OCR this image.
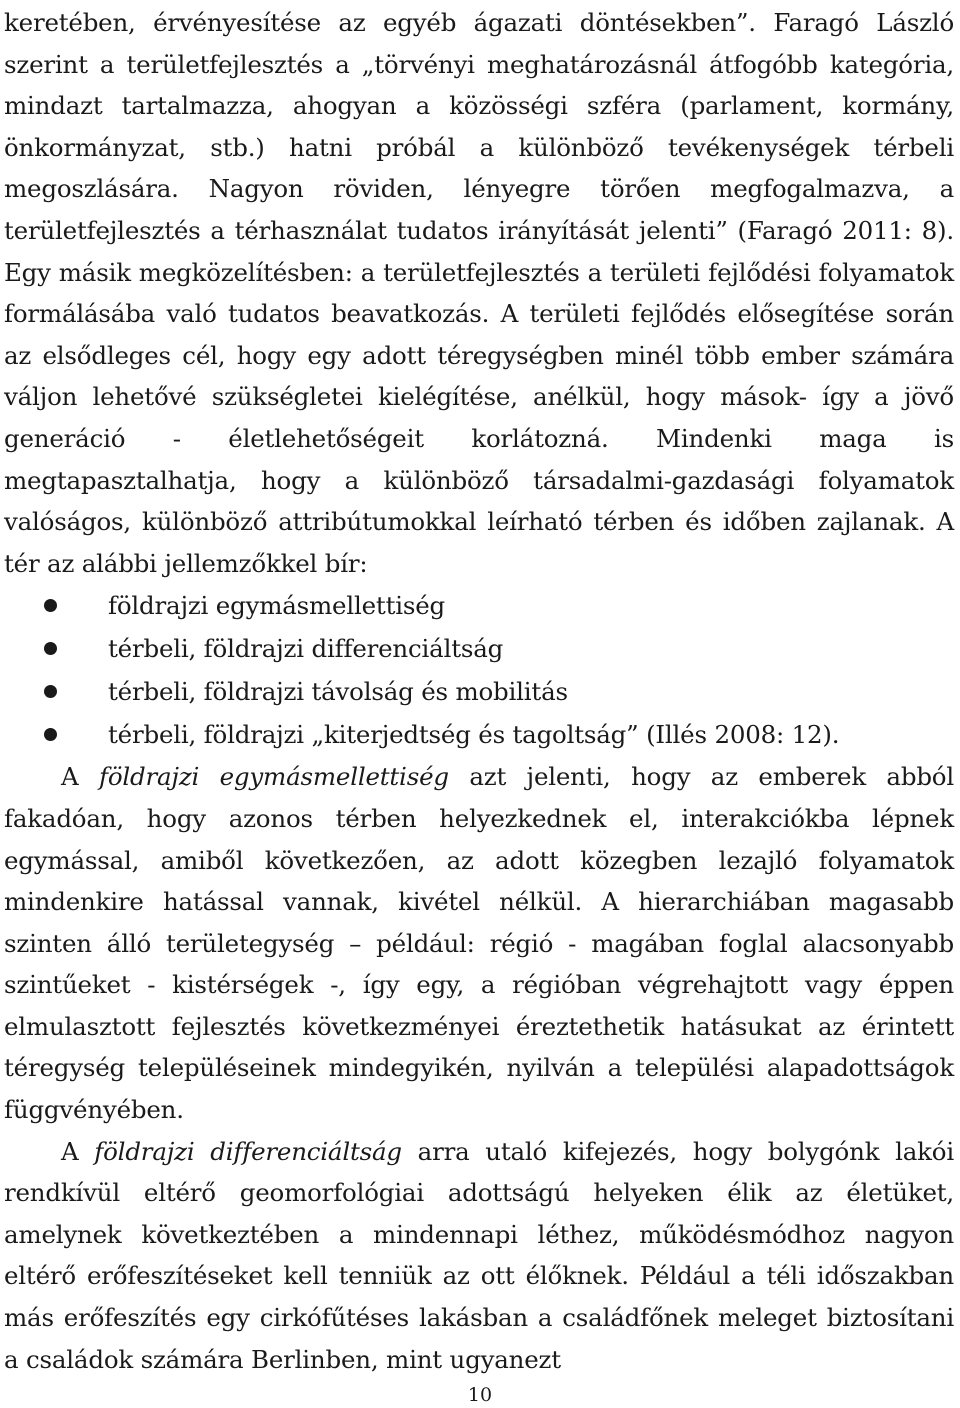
keretében, érvényesítése az egyéb ágazati döntésekben”. Faragó László szerint a területfejlesztés a „törvényi meghatározásnál átfogóbb kategória, mindazt tartalmazza, ahogyan a közösségi szféra (parlament, kormány, önkormányzat, stb.) hatni próbál a különböző tevékenységek térbeli megoszlására. Nagyon röviden, lényegre törően megfogalmazva, a területfejlesztés a térhasználat tudatos irányítását jelenti” (Faragó 2011: 8). Egy másik megközelítésben: a területfejlesztés a területi fejlődési folyamatok formálásába való tudatos beavatkozás. A területi fejlődés elősegítése során az elsődleges cél, hogy egy adott téregységben minél több ember számára váljon lehetővé szükségletei kielégítése, anélkül, hogy mások- így a jövő generáció - életlehetőségeit korlátozná. Mindenki maga is megtapasztalhatja, hogy a különböző társadalmi-gazdasági folyamatok valóságos, különböző attribútumokkal leírható térben és időben zajlanak. A tér az alábbi jellemzőkkel bír:

földrajzi egymásmellettiség
térbeli, földrajzi differenciáltság
térbeli, földrajzi távolság és mobilitás
térbeli, földrajzi „kiterjedtség és tagoltság” (Illés 2008: 12).

A földrajzi egymásmellettiség azt jelenti, hogy az emberek abból fakadóan, hogy azonos térben helyezkednek el, interakciókba lépnek egymással, amiből következően, az adott közegben lezajló folyamatok mindenkire hatással vannak, kivétel nélkül. A hierarchiában magasabb szinten álló területegység – például: régió - magában foglal alacsonyabb szintűeket - kistérségek -, így egy, a régióban végrehajtott vagy éppen elmulasztott fejlesztés következményei éreztethetik hatásukat az érintett téregység településeinek mindegyikén, nyilván a települési alapadottságok függvényében.

A földrajzi differenciáltság arra utaló kifejezés, hogy bolygónk lakói rendkívül eltérő geomorfológiai adottságú helyeken élik az életüket, amelynek következtében a mindennapi léthez, működésmódhoz nagyon eltérő erőfeszítéseket kell tenniük az ott élőknek. Például a téli időszakban más erőfeszítés egy cirkófűtéses lakásban a családfőnek meleget biztosítani a családok számára Berlinben, mint ugyanezt

10
